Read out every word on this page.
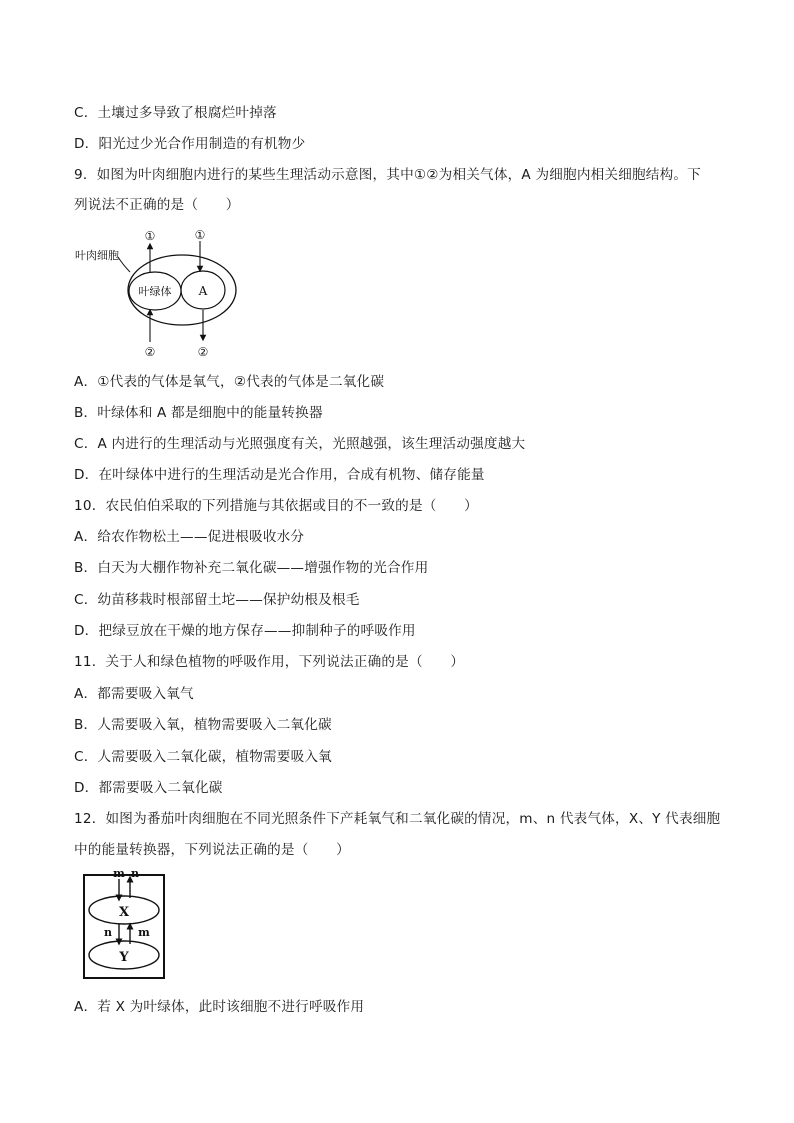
C．土壤过多导致了根腐烂叶掉落
D．阳光过少光合作用制造的有机物少
9．如图为叶肉细胞内进行的某些生理活动示意图，其中①②为相关气体，A 为细胞内相关细胞结构。下
列说法不正确的是（　　）
叶肉细胞
叶绿体 A
①	①
②	②
A．①代表的气体是氧气，②代表的气体是二氧化碳
B．叶绿体和 A 都是细胞中的能量转换器
C．A 内进行的生理活动与光照强度有关，光照越强，该生理活动强度越大
D．在叶绿体中进行的生理活动是光合作用，合成有机物、储存能量
10．农民伯伯采取的下列措施与其依据或目的不一致的是（　　）
A．给农作物松土——促进根吸收水分
B．白天为大棚作物补充二氧化碳——增强作物的光合作用
C．幼苗移栽时根部留土坨——保护幼根及根毛
D．把绿豆放在干燥的地方保存——抑制种子的呼吸作用
11．关于人和绿色植物的呼吸作用，下列说法正确的是（　　）
A．都需要吸入氧气
B．人需要吸入氧，植物需要吸入二氧化碳
C．人需要吸入二氧化碳，植物需要吸入氧
D．都需要吸入二氧化碳
12．如图为番茄叶肉细胞在不同光照条件下产耗氧气和二氧化碳的情况，m、n 代表气体，X、Y 代表细胞
中的能量转换器，下列说法正确的是（　　）
m n
X
n m
Y
A．若 X 为叶绿体，此时该细胞不进行呼吸作用
